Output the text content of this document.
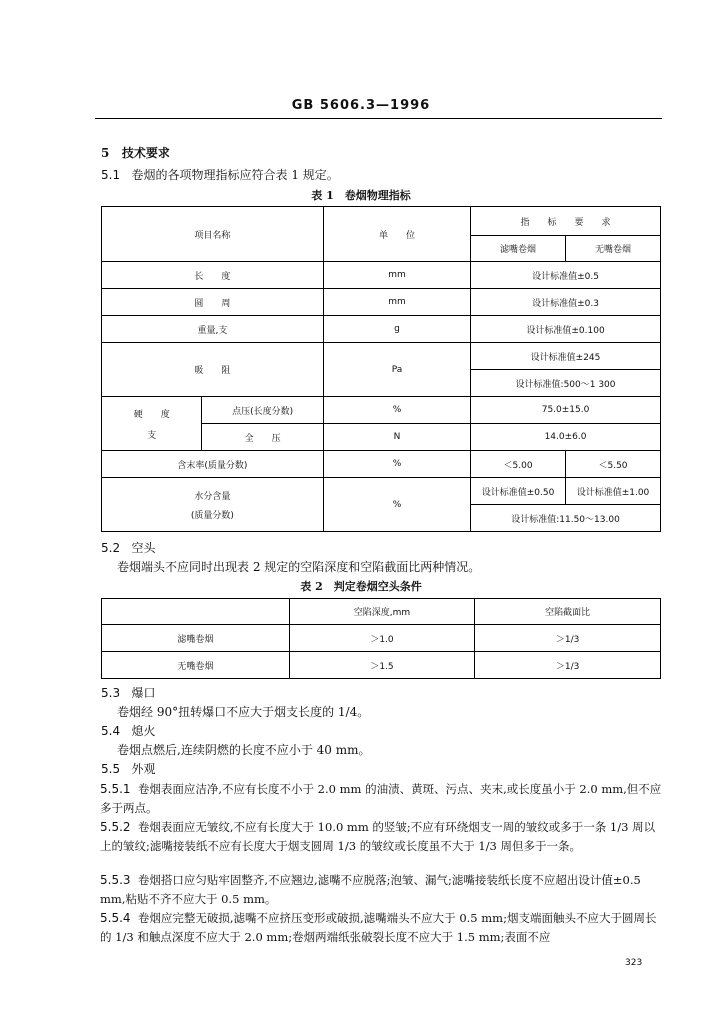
GB 5606.3—1996
5 技术要求
5.1 卷烟的各项物理指标应符合表 1 规定。
表 1　卷烟物理指标
项目名称		单　　位	指　　标　　要　　求	
			滤嘴卷烟	无嘴卷烟
长　　度		mm	设计标准值±0.5	
圆　　周		mm	设计标准值±0.3	
重量,支		g	设计标准值±0.100	
吸　　阻		Pa	设计标准值±245	
			设计标准值:500～1 300	

硬　　度
支	点压(长度分数)	%	75.0±15.0	
	全　　压	N	14.0±6.0	
含末率(质量分数)		%	＜5.00	＜5.50

水分含量
(质量分数)		%	设计标准值±0.50	设计标准值±1.00
			设计标准值:11.50～13.00	
5.2 空头
卷烟端头不应同时出现表 2 规定的空陷深度和空陷截面比两种情况。
表 2　判定卷烟空头条件
	空陷深度,mm	空陷截面比
滤嘴卷烟	＞1.0	＞1/3
无嘴卷烟	＞1.5	＞1/3
5.3 爆口
卷烟经 90°扭转爆口不应大于烟支长度的 1/4。
5.4 熄火
卷烟点燃后,连续阴燃的长度不应小于 40 mm。
5.5 外观
5.5.1 卷烟表面应洁净,不应有长度不小于 2.0 mm 的油渍、黄斑、污点、夹末,或长度虽小于 2.0 mm,但不应多于两点。
5.5.2 卷烟表面应无皱纹,不应有长度大于 10.0 mm 的竖皱;不应有环绕烟支一周的皱纹或多于一条 1/3 周以上的皱纹;滤嘴接装纸不应有长度大于烟支圆周 1/3 的皱纹或长度虽不大于 1/3 周但多于一条。
5.5.3 卷烟搭口应匀贴牢固整齐,不应翘边,滤嘴不应脱落;泡皱、漏气;滤嘴接装纸长度不应超出设计值±0.5 mm,粘贴不齐不应大于 0.5 mm。
5.5.4 卷烟应完整无破损,滤嘴不应挤压变形或破损,滤嘴端头不应大于 0.5 mm;烟支端面触头不应大于圆周长的 1/3 和触点深度不应大于 2.0 mm;卷烟两端纸张破裂长度不应大于 1.5 mm;表面不应
323
